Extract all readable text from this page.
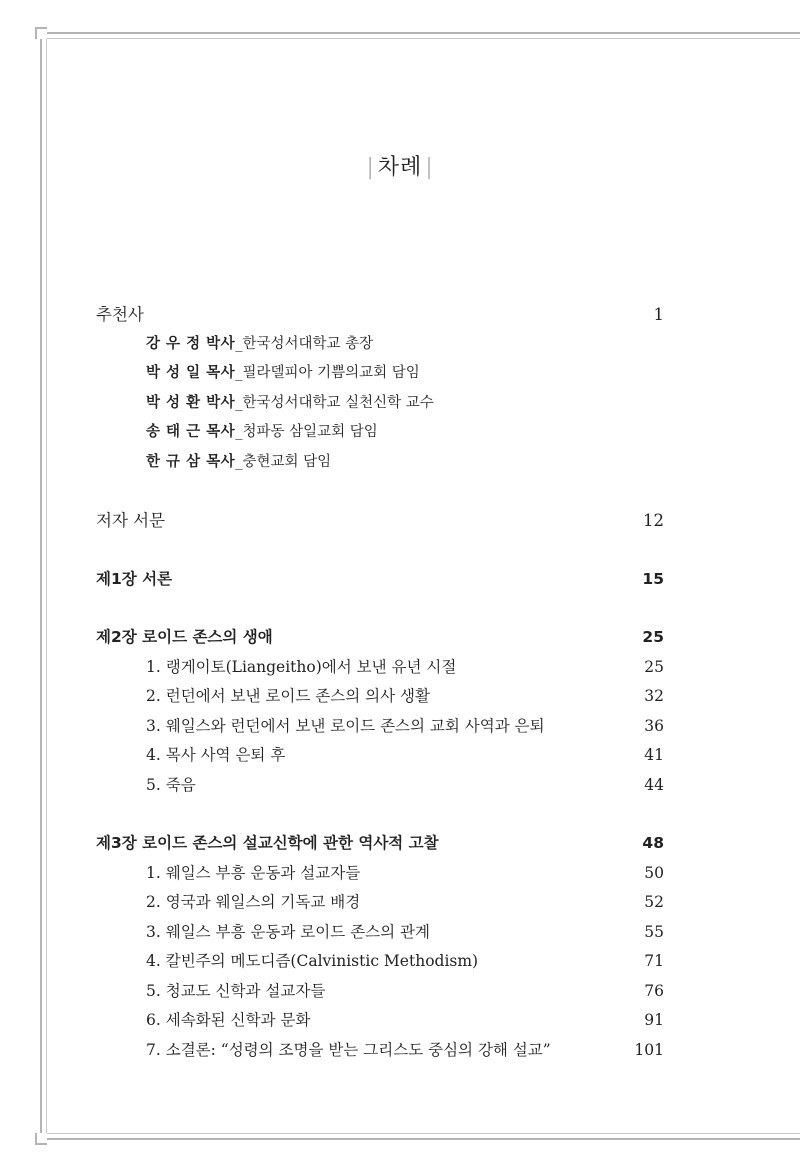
| 차례 |
추천사	1
강 우 정 박사_한국성서대학교 총장
박 성 일 목사_필라델피아 기쁨의교회 담임
박 성 환 박사_한국성서대학교 실천신학 교수
송 태 근 목사_청파동 삼일교회 담임
한 규 삼 목사_충현교회 담임
저자 서문	12
제1장 서론	15
제2장 로이드 존스의 생애	25
1. 랭게이토(Liangeitho)에서 보낸 유년 시절	25
2. 런던에서 보낸 로이드 존스의 의사 생활	32
3. 웨일스와 런던에서 보낸 로이드 존스의 교회 사역과 은퇴	36
4. 목사 사역 은퇴 후	41
5. 죽음	44
제3장 로이드 존스의 설교신학에 관한 역사적 고찰	48
1. 웨일스 부흥 운동과 설교자들	50
2. 영국과 웨일스의 기독교 배경	52
3. 웨일스 부흥 운동과 로이드 존스의 관계	55
4. 칼빈주의 메도디즘(Calvinistic Methodism)	71
5. 청교도 신학과 설교자들	76
6. 세속화된 신학과 문화	91
7. 소결론: “성령의 조명을 받는 그리스도 중심의 강해 설교”	101
